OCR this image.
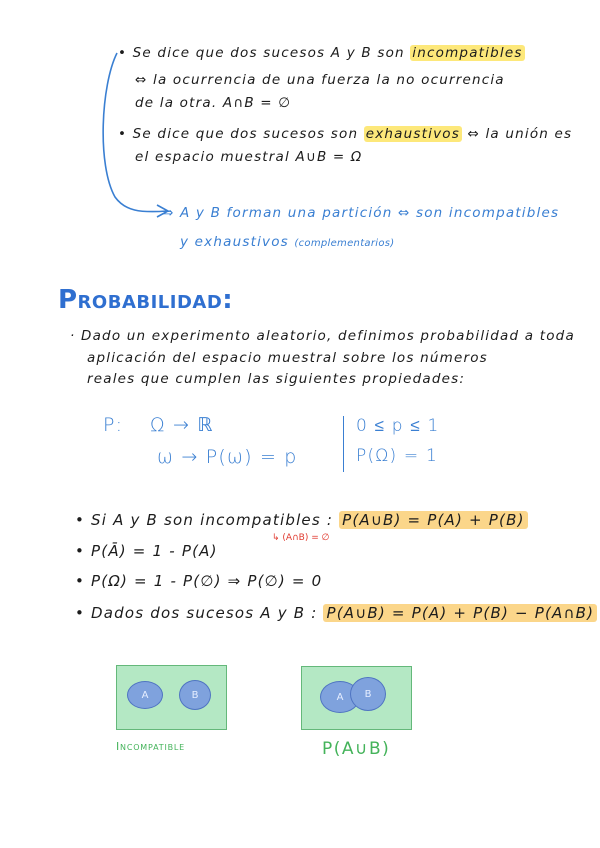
• Se dice que dos sucesos A y B son incompatibles
⇔ la ocurrencia de una fuerza la no ocurrencia
de la otra. A∩B = ∅
• Se dice que dos sucesos son exhaustivos ⇔ la unión es
el espacio muestral A∪B = Ω
⇒ A y B forman una partición ⇔ son incompatibles
y exhaustivos (complementarios)
Probabilidad:
· Dado un experimento aleatorio, definimos probabilidad a toda
aplicación del espacio muestral sobre los números
reales que cumplen las siguientes propiedades:
P: Ω → ℝ
ω → P(ω) = p
0 ≤ p ≤ 1
P(Ω) = 1
• Si A y B son incompatibles : P(A∪B) = P(A) + P(B)
↳ (A∩B) = ∅
• P(Ā) = 1 - P(A)
• P(Ω) = 1 - P(∅) ⇒ P(∅) = 0
• Dados dos sucesos A y B : P(A∪B) = P(A) + P(B) − P(A∩B)
A	B
Incompatible
A B
P(A∪B)
